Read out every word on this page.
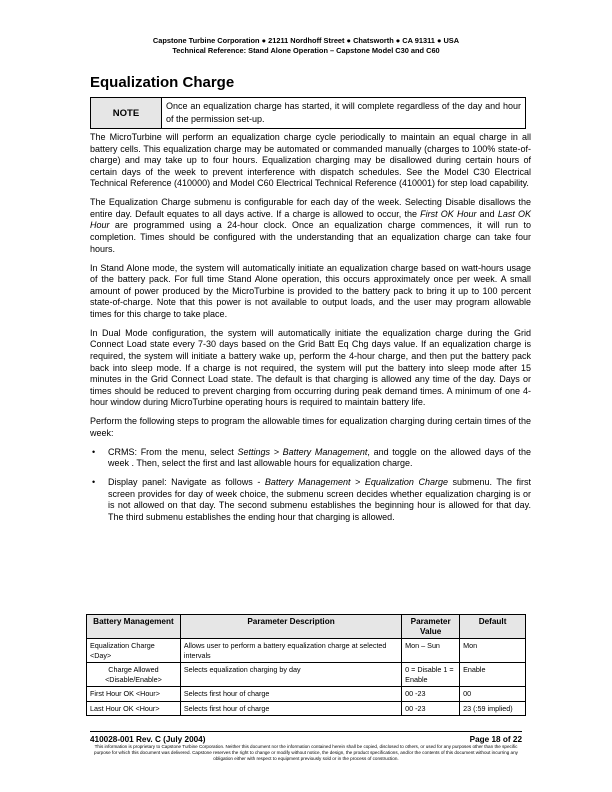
Capstone Turbine Corporation ● 21211 Nordhoff Street ● Chatsworth ● CA 91311 ● USA
Technical Reference: Stand Alone Operation – Capstone Model C30 and C60
Equalization Charge
NOTE
Once an equalization charge has started, it will complete regardless of the day and hour of the permission set-up.

The MicroTurbine will perform an equalization charge cycle periodically to maintain an equal charge in all battery cells. This equalization charge may be automated or commanded manually (charges to 100% state-of-charge) and may take up to four hours. Equalization charging may be disallowed during certain hours of certain days of the week to prevent interference with dispatch schedules. See the Model C30 Electrical Technical Reference (410000) and Model C60 Electrical Technical Reference (410001) for step load capability.

The Equalization Charge submenu is configurable for each day of the week. Selecting Disable disallows the entire day. Default equates to all days active. If a charge is allowed to occur, the First OK Hour and Last OK Hour are programmed using a 24-hour clock. Once an equalization charge commences, it will run to completion. Times should be configured with the understanding that an equalization charge can take four hours.

In Stand Alone mode, the system will automatically initiate an equalization charge based on watt-hours usage of the battery pack. For full time Stand Alone operation, this occurs approximately once per week. A small amount of power produced by the MicroTurbine is provided to the battery pack to bring it up to 100 percent state-of-charge. Note that this power is not available to output loads, and the user may program allowable times for this charge to take place.

In Dual Mode configuration, the system will automatically initiate the equalization charge during the Grid Connect Load state every 7-30 days based on the Grid Batt Eq Chg days value. If an equalization charge is required, the system will initiate a battery wake up, perform the 4-hour charge, and then put the battery pack back into sleep mode. If a charge is not required, the system will put the battery into sleep mode after 15 minutes in the Grid Connect Load state. The default is that charging is allowed any time of the day. Days or times should be reduced to prevent charging from occurring during peak demand times. A minimum of one 4-hour window during MicroTurbine operating hours is required to maintain battery life.

Perform the following steps to program the allowable times for equalization charging during certain times of the week:

• CRMS: From the menu, select Settings > Battery Management, and toggle on the allowed days of the week . Then, select the first and last allowable hours for equalization charge.
• Display panel: Navigate as follows - Battery Management > Equalization Charge submenu. The first screen provides for day of week choice, the submenu screen decides whether equalization charging is or is not allowed on that day. The second submenu establishes the beginning hour is allowed for that day. The third submenu establishes the ending hour that charging is allowed.
Battery Management	Parameter Description	Parameter Value	Default
Equalization Charge <Day>	Allows user to perform a battery equalization charge at selected intervals	Mon – Sun	Mon
Charge Allowed <Disable/Enable>	Selects equalization charging by day	0 = Disable 1 = Enable	Enable
First Hour OK <Hour>	Selects first hour of charge	00 -23	00
Last Hour OK <Hour>	Selects first hour of charge	00 -23	23 (:59 implied)
410028-001 Rev. C (July 2004)	Page 18 of 22
This information is proprietary to Capstone Turbine Corporation. Neither this document nor the information contained herein shall be copied, disclosed to others, or used for any purposes other than the specific purpose for which this document was delivered. Capstone reserves the right to change or modify without notice, the design, the product specifications, and/or the contents of this document without incurring any obligation either with respect to equipment previously sold or in the process of construction.
